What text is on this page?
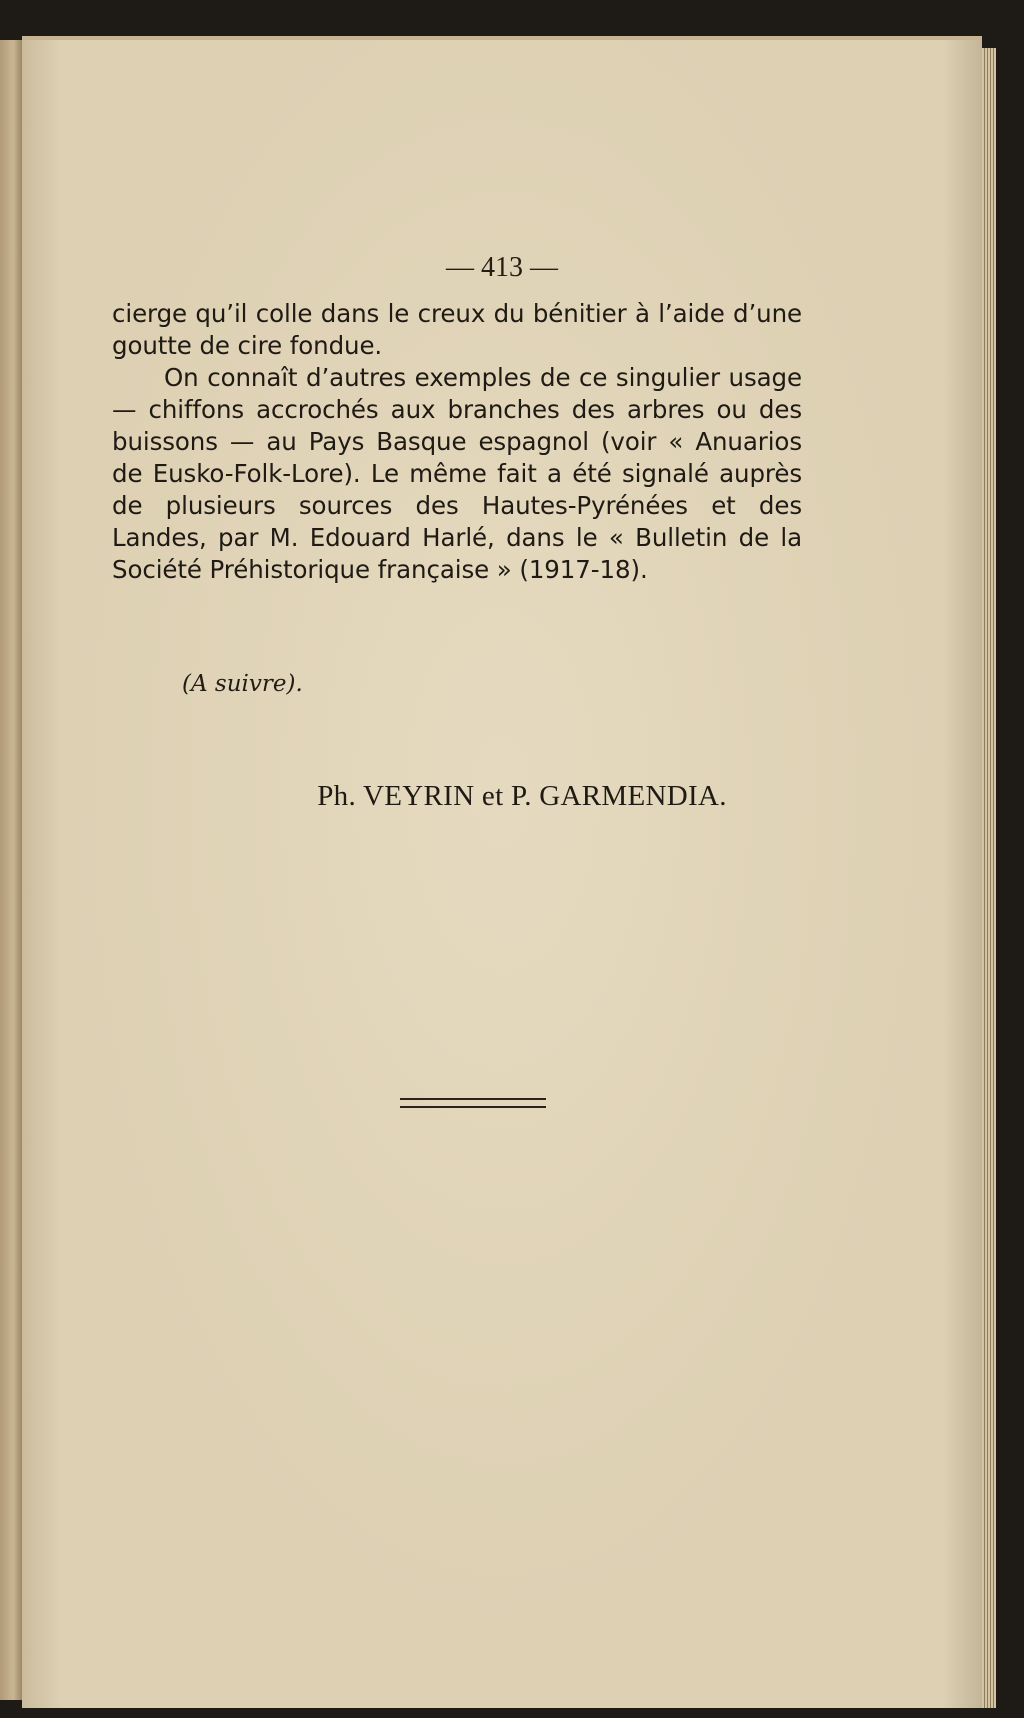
— 413 —

cierge qu’il colle dans le creux du bénitier à l’aide d’une goutte de cire fondue.

On connaît d’autres exemples de ce singulier usage — chiffons accrochés aux branches des arbres ou des buissons — au Pays Basque espagnol (voir « Anuarios de Eusko-Folk-Lore). Le même fait a été signalé auprès de plusieurs sources des Hautes-Pyrénées et des Landes, par M. Edouard Harlé, dans le « Bulletin de la Société Préhistorique française » (1917-18).

(A suivre).
Ph. VEYRIN et P. GARMENDIA.
